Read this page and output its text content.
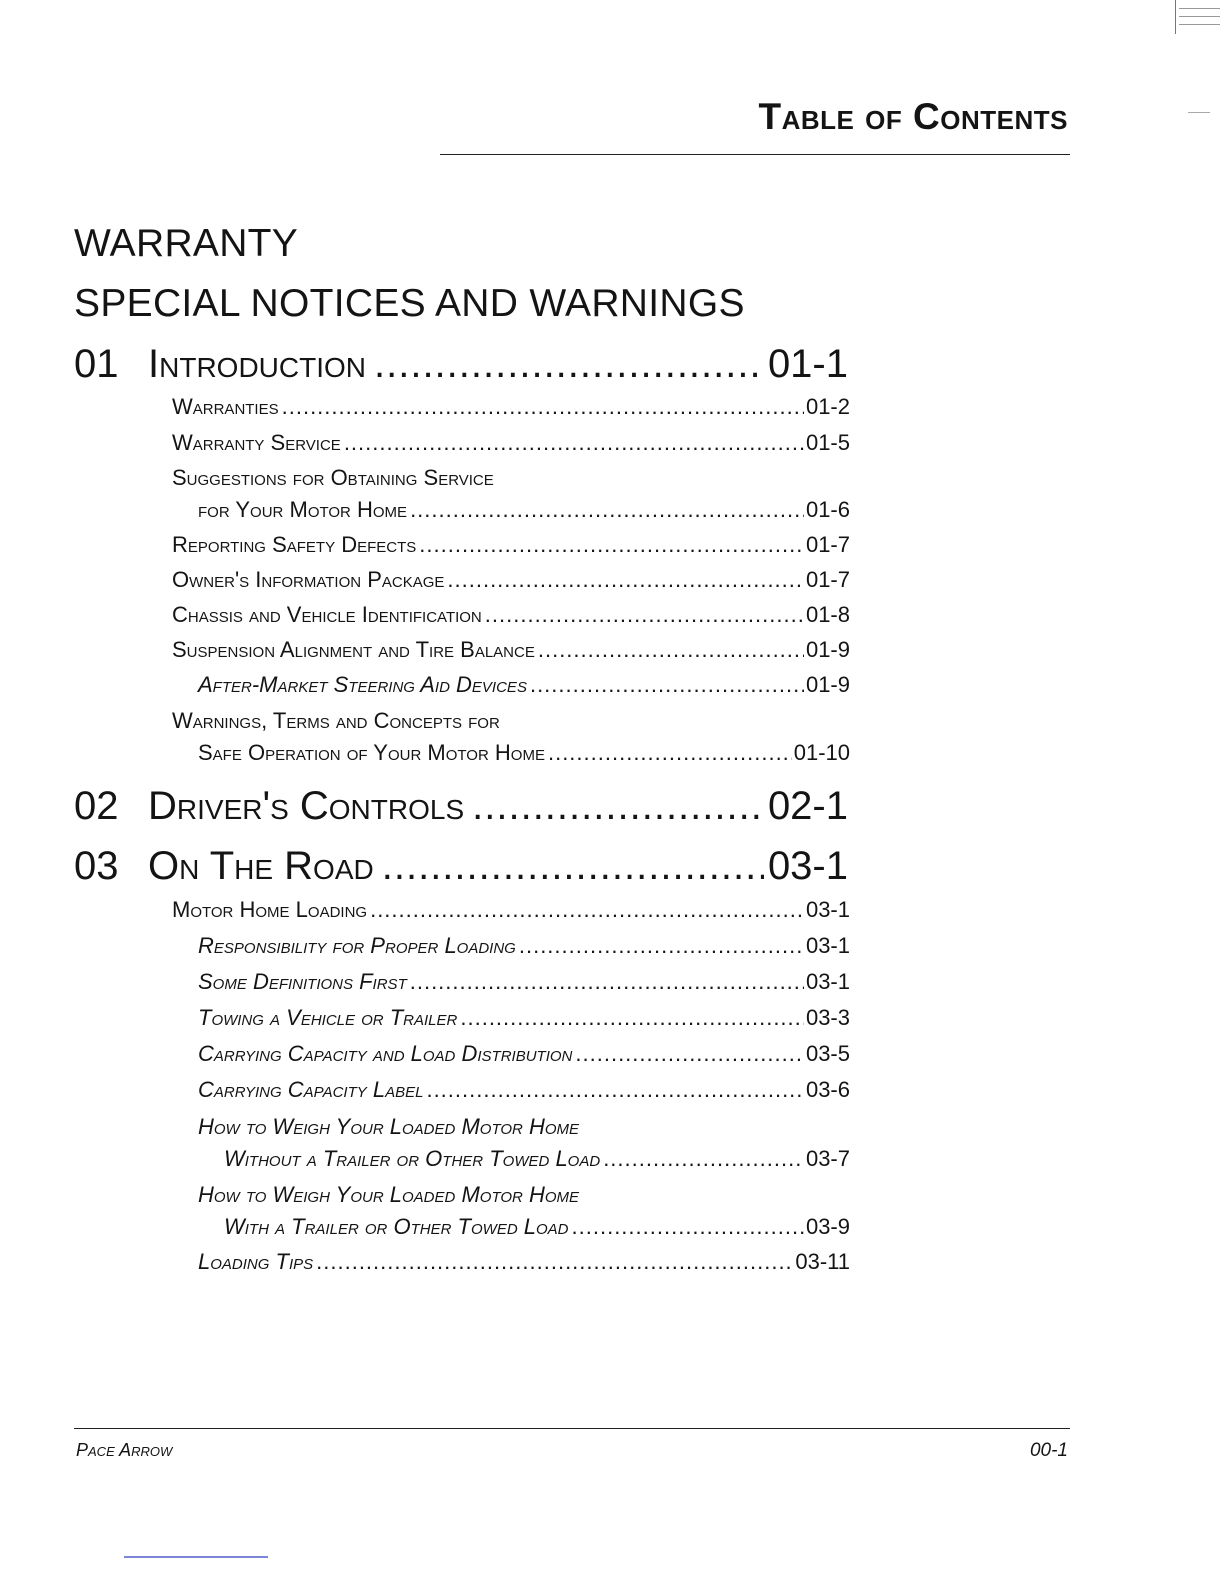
Table of Contents
WARRANTY
SPECIAL NOTICES AND WARNINGS
01 Introduction .....	01-1
Warranties .....	01-2
Warranty Service .....	01-5
Suggestions for Obtaining Service
for Your Motor Home .....	01-6
Reporting Safety Defects .....	01-7
Owner's Information Package .....	01-7
Chassis and Vehicle Identification .....	01-8
Suspension Alignment and Tire Balance .....	01-9
After-Market Steering Aid Devices .....	01-9
Warnings, Terms and Concepts for
Safe Operation of Your Motor Home .....	01-10
02 Driver's Controls .....	02-1
03 On The Road .....	03-1
Motor Home Loading .....	03-1
Responsibility for Proper Loading .....	03-1
Some Definitions First .....	03-1
Towing a Vehicle or Trailer .....	03-3
Carrying Capacity and Load Distribution .....	03-5
Carrying Capacity Label .....	03-6
How to Weigh Your Loaded Motor Home
Without a Trailer or Other Towed Load .....	03-7
How to Weigh Your Loaded Motor Home
With a Trailer or Other Towed Load .....	03-9
Loading Tips .....	03-11
Pace Arrow	00-1
